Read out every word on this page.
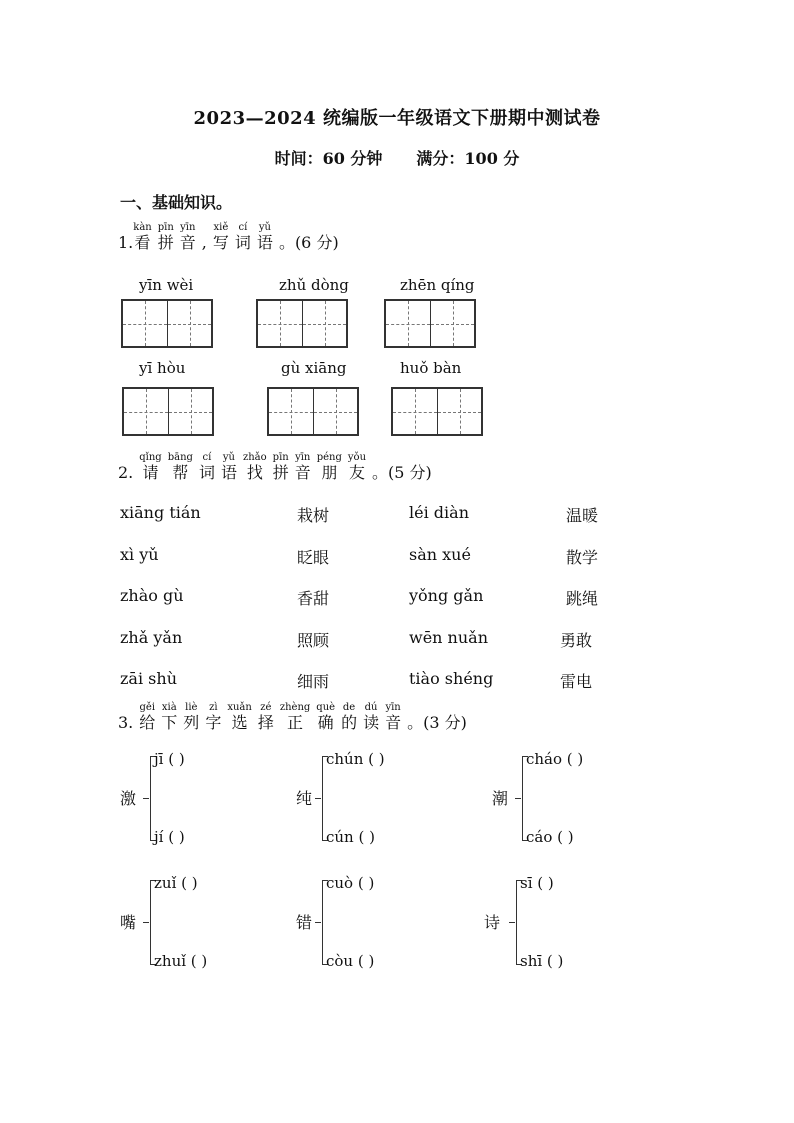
2023—2024 统编版一年级语文下册期中测试卷
时间：60 分钟 满分：100 分
一、基础知识。
1.
kàn
看
pīn
拼
yīn
音 ,
xiě
写
cí
词
yǔ
语 。(6 分)
yīn wèi	zhǔ dòng	zhēn qíng
yī hòu	gù xiāng	huǒ bàn
2.
qǐng
请
bāng
帮
cí
词
yǔ
语
zhǎo
找
pīn
拼
yīn
音
péng
朋
yǒu
友 。(5 分)
xiāng tián	栽树	léi diàn	温暖
xì yǔ	眨眼	sàn xué	散学
zhào gù	香甜	yǒng gǎn	跳绳
zhǎ yǎn	照顾	wēn nuǎn	勇敢
zāi shù	细雨	tiào shéng	雷电
3.
gěi
给
xià
下
liè
列
zì
字
xuǎn
选
zé
择
zhèng
正
què
确
de
的
dú
读
yīn
音 。(3 分)
激
jī ( )
jí ( )
纯
chún ( )
cún ( )
潮
cháo ( )
cáo ( )
嘴
zuǐ ( )
zhuǐ ( )
错
cuò ( )
còu ( )
诗
sī ( )
shī ( )
